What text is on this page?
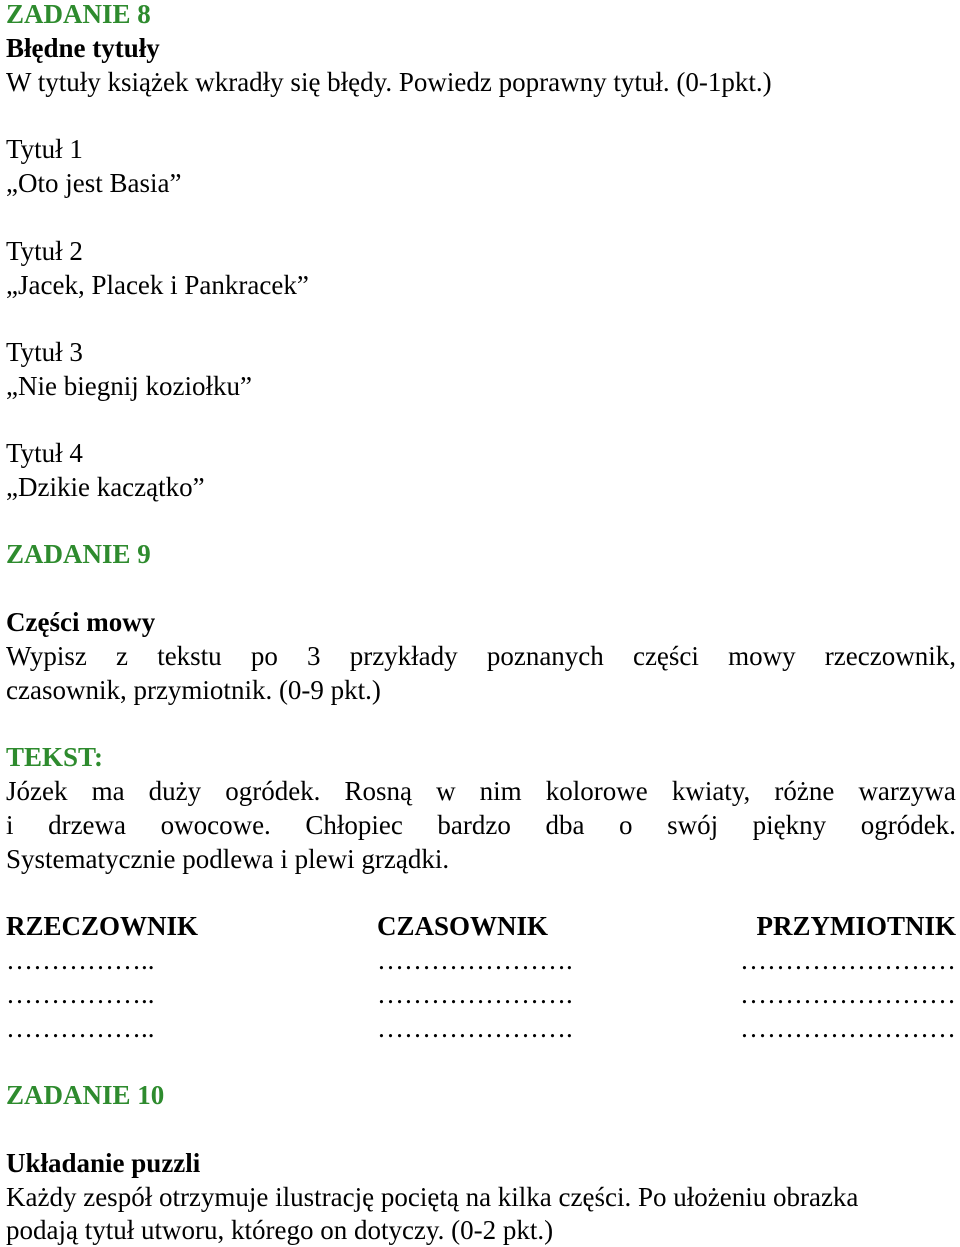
ZADANIE 8
Błędne tytuły
W tytuły książek wkradły się błędy. Powiedz poprawny tytuł. (0-1pkt.)
Tytuł 1
„Oto jest Basia”
Tytuł 2
„Jacek, Placek i Pankracek”
Tytuł 3
„Nie biegnij koziołku”
Tytuł 4
„Dzikie kaczątko”
ZADANIE 9
Części mowy
Wypisz z tekstu po 3 przykłady poznanych części mowy rzeczownik,
czasownik, przymiotnik. (0-9 pkt.)
TEKST:
Józek ma duży ogródek. Rosną w nim kolorowe kwiaty, różne warzywa
i drzewa owocowe. Chłopiec bardzo dba o swój piękny ogródek.
Systematycznie podlewa i plewi grządki.
RZECZOWNIK	CZASOWNIK	PRZYMIOTNIK
……………..	………………….	……………………
……………..	………………….	……………………
……………..	………………….	……………………
ZADANIE 10
Układanie puzzli
Każdy zespół otrzymuje ilustrację pociętą na kilka części. Po ułożeniu obrazka
podają tytuł utworu, którego on dotyczy. (0-2 pkt.)
